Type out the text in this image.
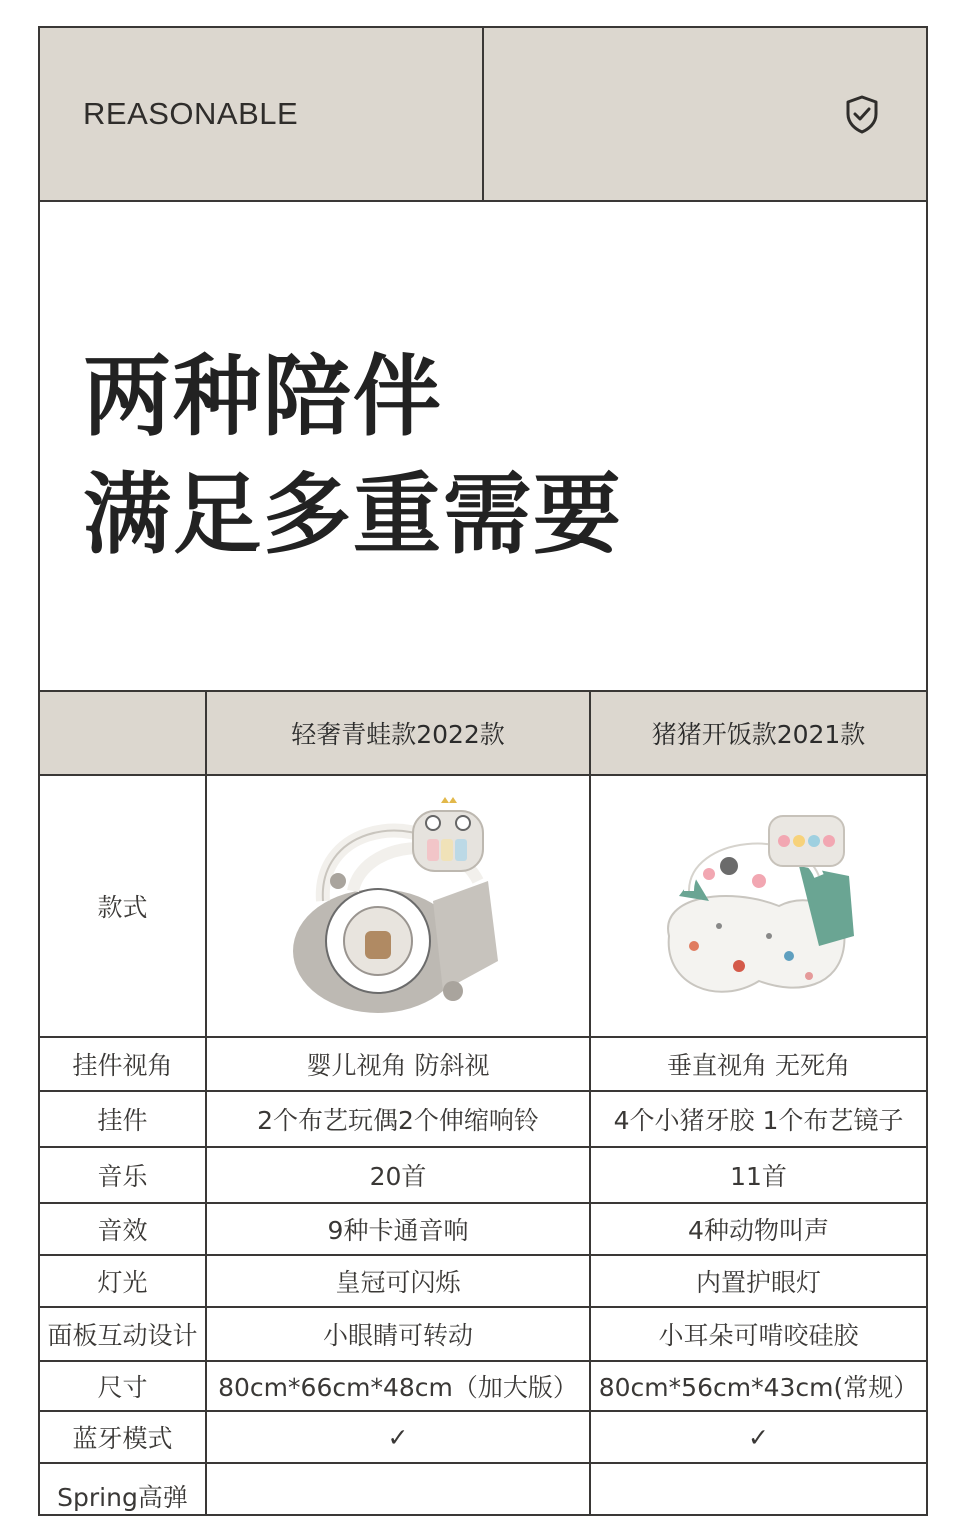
REASONABLE
两种陪伴
满足多重需要
	轻奢青蛙款2022款	猪猪开饭款2021款
款式	

挂件视角	婴儿视角 防斜视	垂直视角 无死角
挂件	2个布艺玩偶2个伸缩响铃	4个小猪牙胶 1个布艺镜子
音乐	20首	11首
音效	9种卡通音响	4种动物叫声
灯光	皇冠可闪烁	内置护眼灯
面板互动设计	小眼睛可转动	小耳朵可啃咬硅胶
尺寸	80cm*66cm*48cm（加大版）	80cm*56cm*43cm(常规）
蓝牙模式	✓	✓
Spring高弹		
